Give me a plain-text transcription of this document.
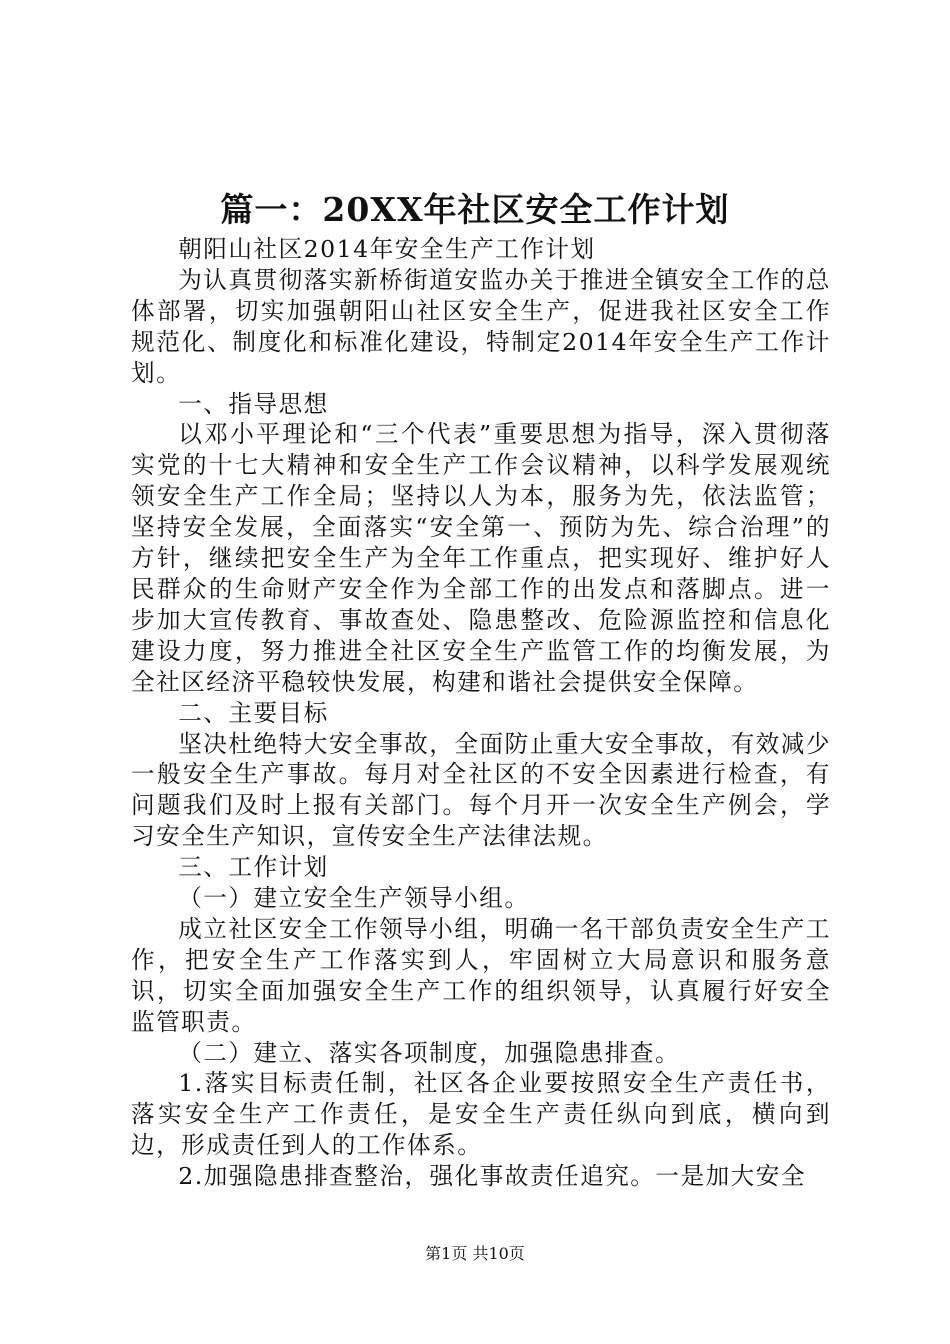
篇一：20XX年社区安全工作计划

朝阳山社区2014年安全生产工作计划

为认真贯彻落实新桥街道安监办关于推进全镇安全工作的总体部署，切实加强朝阳山社区安全生产，促进我社区安全工作规范化、制度化和标准化建设，特制定2014年安全生产工作计划。

一、指导思想

以邓小平理论和“三个代表”重要思想为指导，深入贯彻落实党的十七大精神和安全生产工作会议精神，以科学发展观统领安全生产工作全局；坚持以人为本，服务为先，依法监管；坚持安全发展，全面落实“安全第一、预防为先、综合治理”的方针，继续把安全生产为全年工作重点，把实现好、维护好人民群众的生命财产安全作为全部工作的出发点和落脚点。进一步加大宣传教育、事故查处、隐患整改、危险源监控和信息化建设力度，努力推进全社区安全生产监管工作的均衡发展，为全社区经济平稳较快发展，构建和谐社会提供安全保障。

二、主要目标

坚决杜绝特大安全事故，全面防止重大安全事故，有效减少一般安全生产事故。每月对全社区的不安全因素进行检查，有问题我们及时上报有关部门。每个月开一次安全生产例会，学习安全生产知识，宣传安全生产法律法规。

三、工作计划

（一）建立安全生产领导小组。

成立社区安全工作领导小组，明确一名干部负责安全生产工作，把安全生产工作落实到人，牢固树立大局意识和服务意识，切实全面加强安全生产工作的组织领导，认真履行好安全监管职责。

（二）建立、落实各项制度，加强隐患排查。

1.落实目标责任制，社区各企业要按照安全生产责任书，落实安全生产工作责任，是安全生产责任纵向到底，横向到边，形成责任到人的工作体系。

2.加强隐患排查整治，强化事故责任追究。一是加大安全

第1页 共10页
